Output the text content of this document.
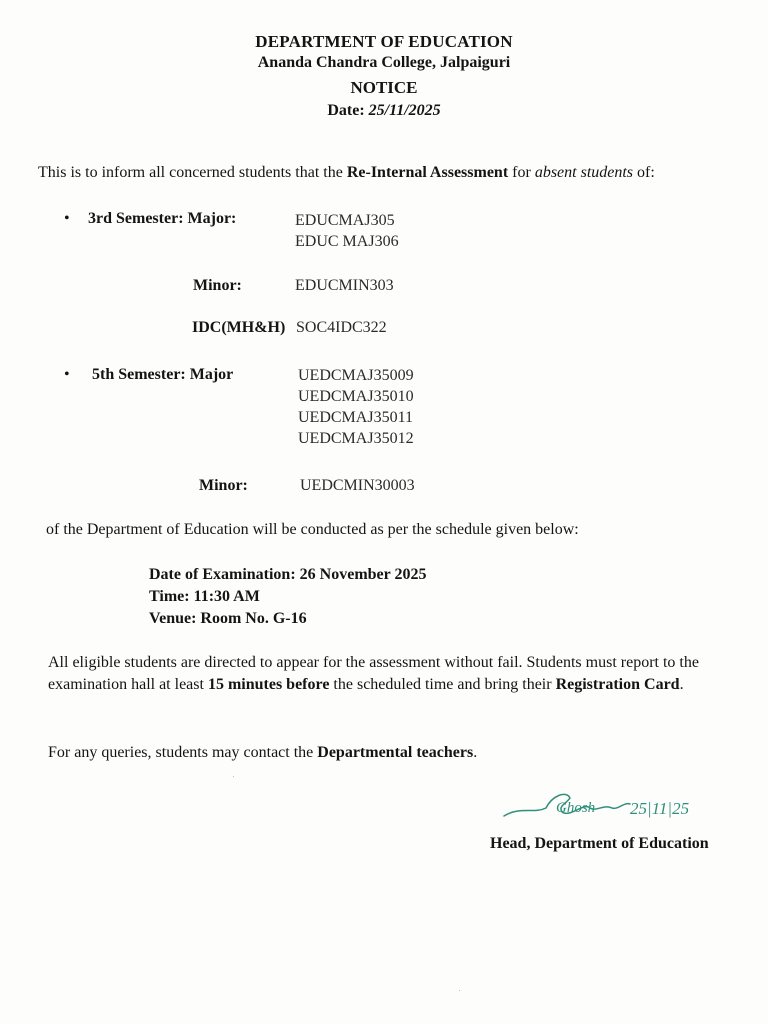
DEPARTMENT OF EDUCATION
Ananda Chandra College, Jalpaiguri
NOTICE
Date: 25/11/2025
This is to inform all concerned students that the Re-Internal Assessment for absent students of:
• 3rd Semester: Major:	EDUCMAJ305
EDUC MAJ306
Minor:	EDUCMIN303
IDC(MH&H) SOC4IDC322
• 5th Semester: Major	UEDCMAJ35009
UEDCMAJ35010
UEDCMAJ35011
UEDCMAJ35012
Minor:	UEDCMIN30003
of the Department of Education will be conducted as per the schedule given below:
Date of Examination: 26 November 2025
Time: 11:30 AM
Venue: Room No. G-16
All eligible students are directed to appear for the assessment without fail. Students must report to the examination hall at least 15 minutes before the scheduled time and bring their Registration Card.
For any queries, students may contact the Departmental teachers.
Ghosh 25|11|25
Head, Department of Education
